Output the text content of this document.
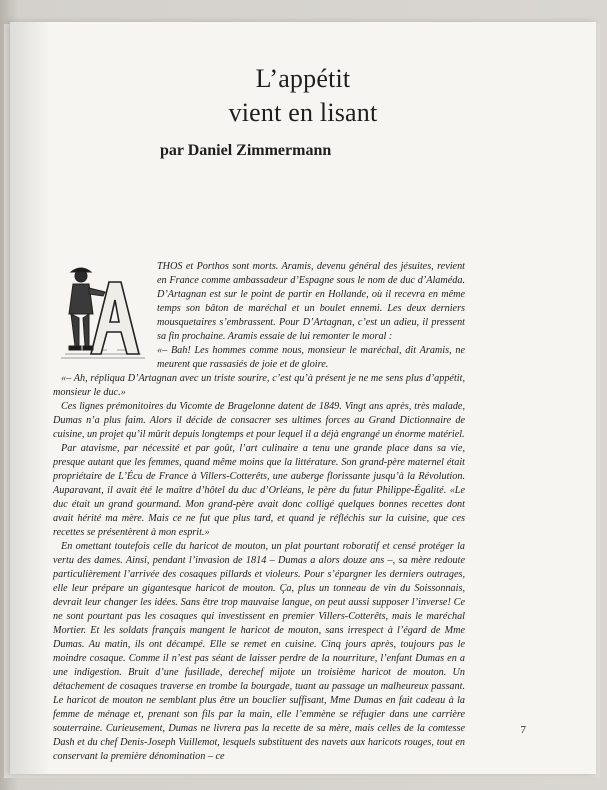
L’appétit
vient en lisant
par Daniel Zimmermann

THOS et Porthos sont morts. Aramis, devenu général des jésuites, revient en France comme ambassadeur d’Espagne sous le nom de duc d’Alaméda. D’Artagnan est sur le point de partir en Hollande, où il recevra en même temps son bâton de maréchal et un boulet ennemi. Les deux derniers mousquetaires s’embrassent. Pour D’Artagnan, c’est un adieu, il pressent sa fin prochaine. Aramis essaie de lui remonter le moral :

«– Bah! Les hommes comme nous, monsieur le maréchal, dit Aramis, ne meurent que rassasiés de joie et de gloire.

«– Ah, répliqua D’Artagnan avec un triste sourire, c’est qu’à présent je ne me sens plus d’appétit, monsieur le duc.»

Ces lignes prémonitoires du Vicomte de Bragelonne datent de 1849. Vingt ans après, très malade, Dumas n’a plus faim. Alors il décide de consacrer ses ultimes forces au Grand Dictionnaire de cuisine, un projet qu’il mûrit depuis longtemps et pour lequel il a déjà engrangé un énorme matériel.

Par atavisme, par nécessité et par goût, l’art culinaire a tenu une grande place dans sa vie, presque autant que les femmes, quand même moins que la littérature. Son grand-père maternel était propriétaire de L’Écu de France à Villers-Cotterêts, une auberge florissante jusqu’à la Révolution. Auparavant, il avait été le maître d’hôtel du duc d’Orléans, le père du futur Philippe-Égalité. «Le duc était un grand gourmand. Mon grand-père avait donc colligé quelques bonnes recettes dont avait hérité ma mère. Mais ce ne fut que plus tard, et quand je réfléchis sur la cuisine, que ces recettes se présentèrent à mon esprit.»

En omettant toutefois celle du haricot de mouton, un plat pourtant roboratif et censé protéger la vertu des dames. Ainsi, pendant l’invasion de 1814 – Dumas a alors douze ans –, sa mère redoute particulièrement l’arrivée des cosaques pillards et violeurs. Pour s’épargner les derniers outrages, elle leur prépare un gigantesque haricot de mouton. Ça, plus un tonneau de vin du Soissonnais, devrait leur changer les idées. Sans être trop mauvaise langue, on peut aussi supposer l’inverse! Ce ne sont pourtant pas les cosaques qui investissent en premier Villers-Cotterêts, mais le maréchal Mortier. Et les soldats français mangent le haricot de mouton, sans irrespect à l’égard de Mme Dumas. Au matin, ils ont décampé. Elle se remet en cuisine. Cinq jours après, toujours pas le moindre cosaque. Comme il n’est pas séant de laisser perdre de la nourriture, l’enfant Dumas en a une indigestion. Bruit d’une fusillade, derechef mijote un troisième haricot de mouton. Un détachement de cosaques traverse en trombe la bourgade, tuant au passage un malheureux passant. Le haricot de mouton ne semblant plus être un bouclier suffisant, Mme Dumas en fait cadeau à la femme de ménage et, prenant son fils par la main, elle l’emmène se réfugier dans une carrière souterraine. Curieusement, Dumas ne livrera pas la recette de sa mère, mais celles de la comtesse Dash et du chef Denis-Joseph Vuillemot, lesquels substituent des navets aux haricots rouges, tout en conservant la première dénomination – ce

7
